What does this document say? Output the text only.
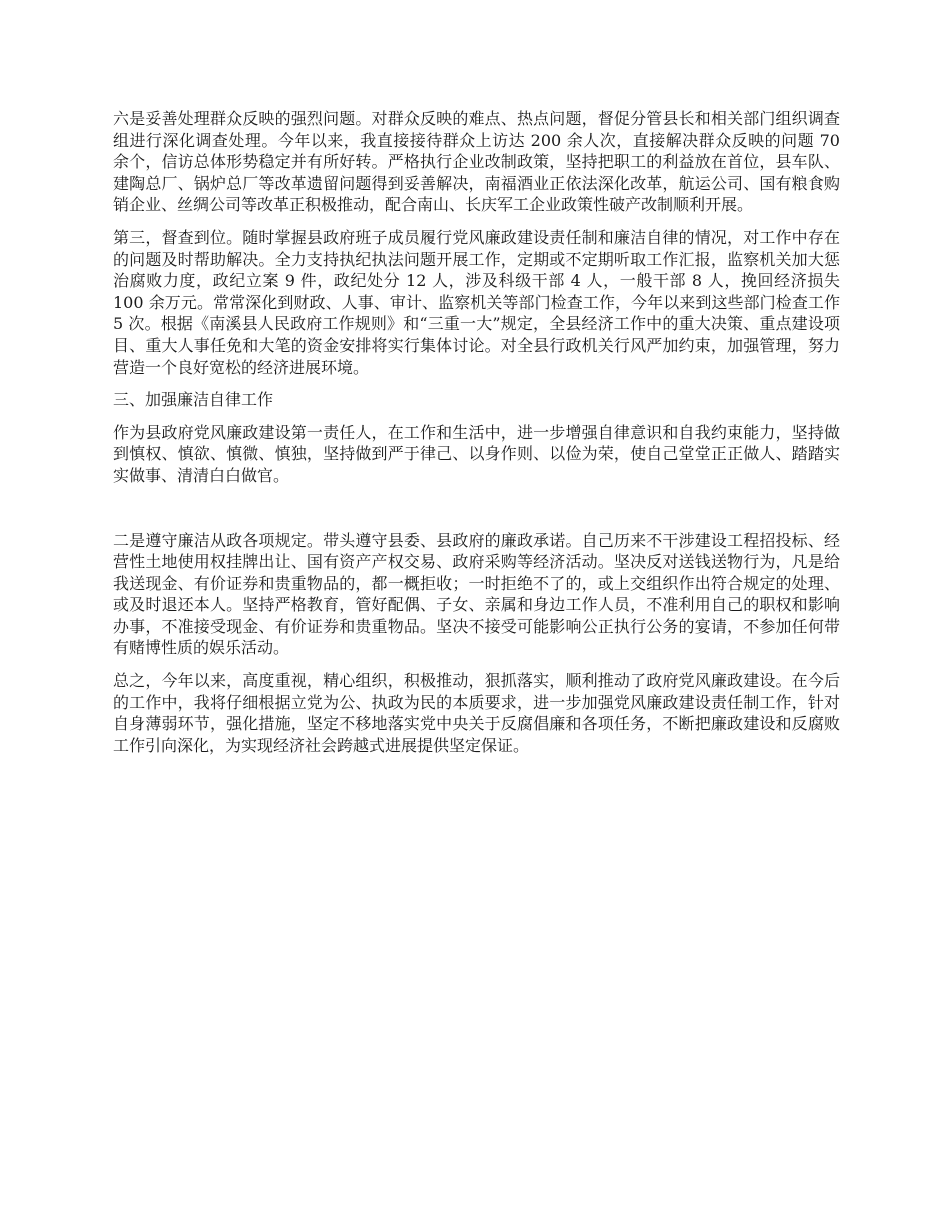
六是妥善处理群众反映的强烈问题。对群众反映的难点、热点问题，督促分管县长和相关部门组织调查组进行深化调查处理。今年以来，我直接接待群众上访达 200 余人次，直接解决群众反映的问题 70 余个，信访总体形势稳定并有所好转。严格执行企业改制政策，坚持把职工的利益放在首位，县车队、建陶总厂、锅炉总厂等改革遗留问题得到妥善解决，南福酒业正依法深化改革，航运公司、国有粮食购销企业、丝绸公司等改革正积极推动，配合南山、长庆军工企业政策性破产改制顺利开展。

第三，督查到位。随时掌握县政府班子成员履行党风廉政建设责任制和廉洁自律的情况，对工作中存在的问题及时帮助解决。全力支持执纪执法问题开展工作，定期或不定期听取工作汇报，监察机关加大惩治腐败力度，政纪立案 9 件，政纪处分 12 人，涉及科级干部 4 人，一般干部 8 人，挽回经济损失 100 余万元。常常深化到财政、人事、审计、监察机关等部门检查工作，今年以来到这些部门检查工作 5 次。根据《南溪县人民政府工作规则》和“三重一大”规定，全县经济工作中的重大决策、重点建设项目、重大人事任免和大笔的资金安排将实行集体讨论。对全县行政机关行风严加约束，加强管理，努力营造一个良好宽松的经济进展环境。

三、加强廉洁自律工作

作为县政府党风廉政建设第一责任人，在工作和生活中，进一步增强自律意识和自我约束能力，坚持做到慎权、慎欲、慎微、慎独，坚持做到严于律己、以身作则、以俭为荣，使自己堂堂正正做人、踏踏实实做事、清清白白做官。

二是遵守廉洁从政各项规定。带头遵守县委、县政府的廉政承诺。自己历来不干涉建设工程招投标、经营性土地使用权挂牌出让、国有资产产权交易、政府采购等经济活动。坚决反对送钱送物行为，凡是给我送现金、有价证券和贵重物品的，都一概拒收；一时拒绝不了的，或上交组织作出符合规定的处理、或及时退还本人。坚持严格教育，管好配偶、子女、亲属和身边工作人员，不准利用自己的职权和影响办事，不准接受现金、有价证券和贵重物品。坚决不接受可能影响公正执行公务的宴请，不参加任何带有赌博性质的娱乐活动。

总之，今年以来，高度重视，精心组织，积极推动，狠抓落实，顺利推动了政府党风廉政建设。在今后的工作中，我将仔细根据立党为公、执政为民的本质要求，进一步加强党风廉政建设责任制工作，针对自身薄弱环节，强化措施，坚定不移地落实党中央关于反腐倡廉和各项任务，不断把廉政建设和反腐败工作引向深化，为实现经济社会跨越式进展提供坚定保证。
